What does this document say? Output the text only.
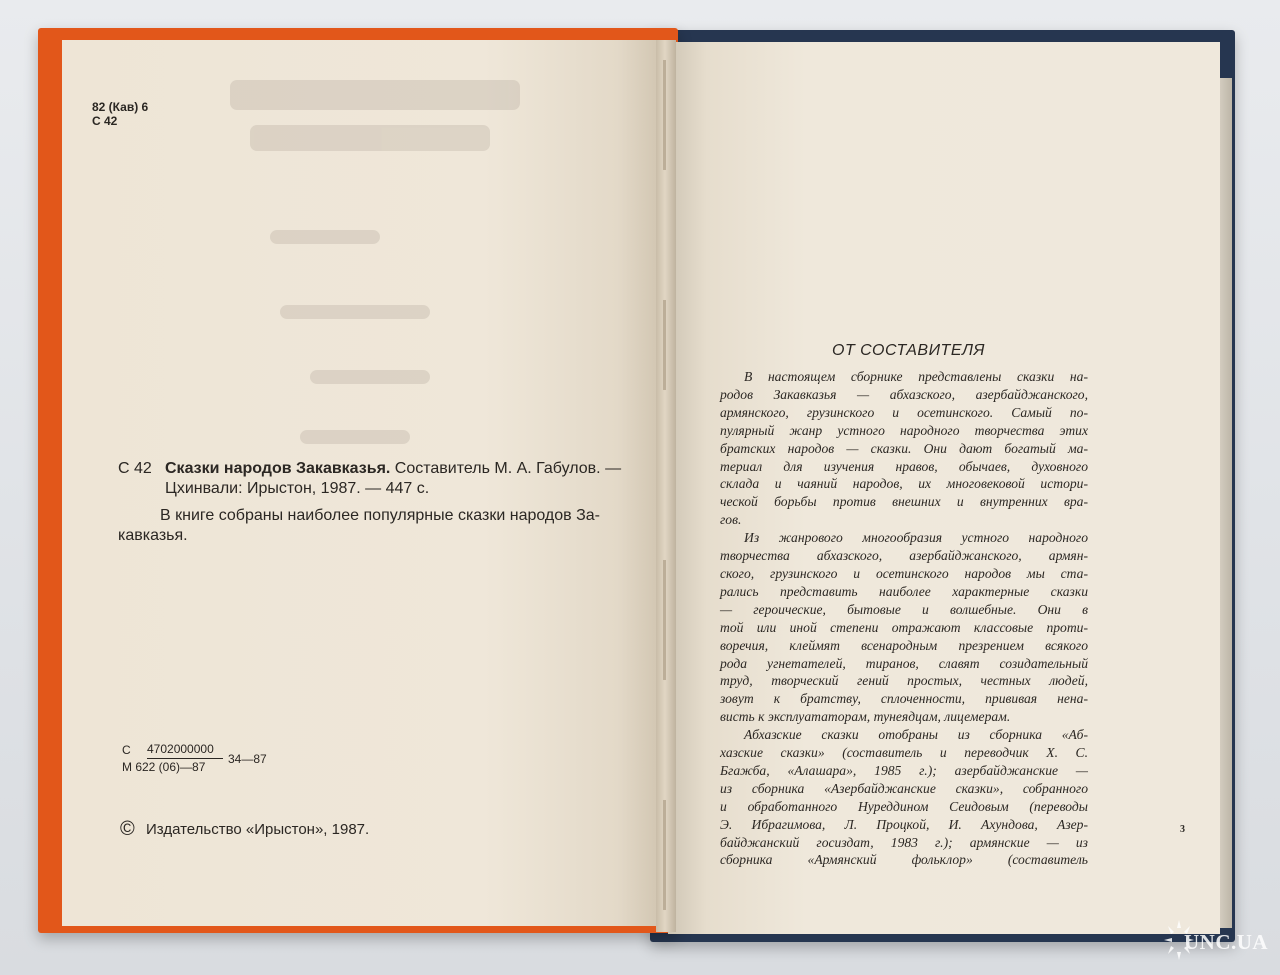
82 (Кав) 6
С 42
С 42 Сказки народов Закавказья. Составитель М. А. Габулов. —
Цхинвали: Ирыстон, 1987. — 447 с.
В книге собраны наиболее популярные сказки народов За-
кавказья.
С 4702000000
М 622 (06)—87
34—87
© Издательство «Ирыстон», 1987.
ОТ СОСТАВИТЕЛЯ
В настоящем сборнике представлены сказки на-
родов Закавказья — абхазского, азербайджанского,
армянского, грузинского и осетинского. Самый по-
пулярный жанр устного народного творчества этих
братских народов — сказки. Они дают богатый ма-
териал для изучения нравов, обычаев, духовного
склада и чаяний народов, их многовековой истори-
ческой борьбы против внешних и внутренних вра-
гов.
Из жанрового многообразия устного народного
творчества абхазского, азербайджанского, армян-
ского, грузинского и осетинского народов мы ста-
рались представить наиболее характерные сказки
— героические, бытовые и волшебные. Они в
той или иной степени отражают классовые проти-
воречия, клеймят всенародным презрением всякого
рода угнетателей, тиранов, славят созидательный
труд, творческий гений простых, честных людей,
зовут к братству, сплоченности, прививая нена-
висть к эксплуататорам, тунеядцам, лицемерам.
Абхазские сказки отобраны из сборника «Аб-
хазские сказки» (составитель и переводчик Х. С.
Бгажба, «Алашара», 1985 г.); азербайджанские —
из сборника «Азербайджанские сказки», собранного
и обработанного Нуреддином Сеидовым (переводы
Э. Ибрагимова, Л. Процкой, И. Ахундова, Азер-
байджанский госиздат, 1983 г.); армянские — из
сборника «Армянский фольклор» (составитель
3
UNC.UA
